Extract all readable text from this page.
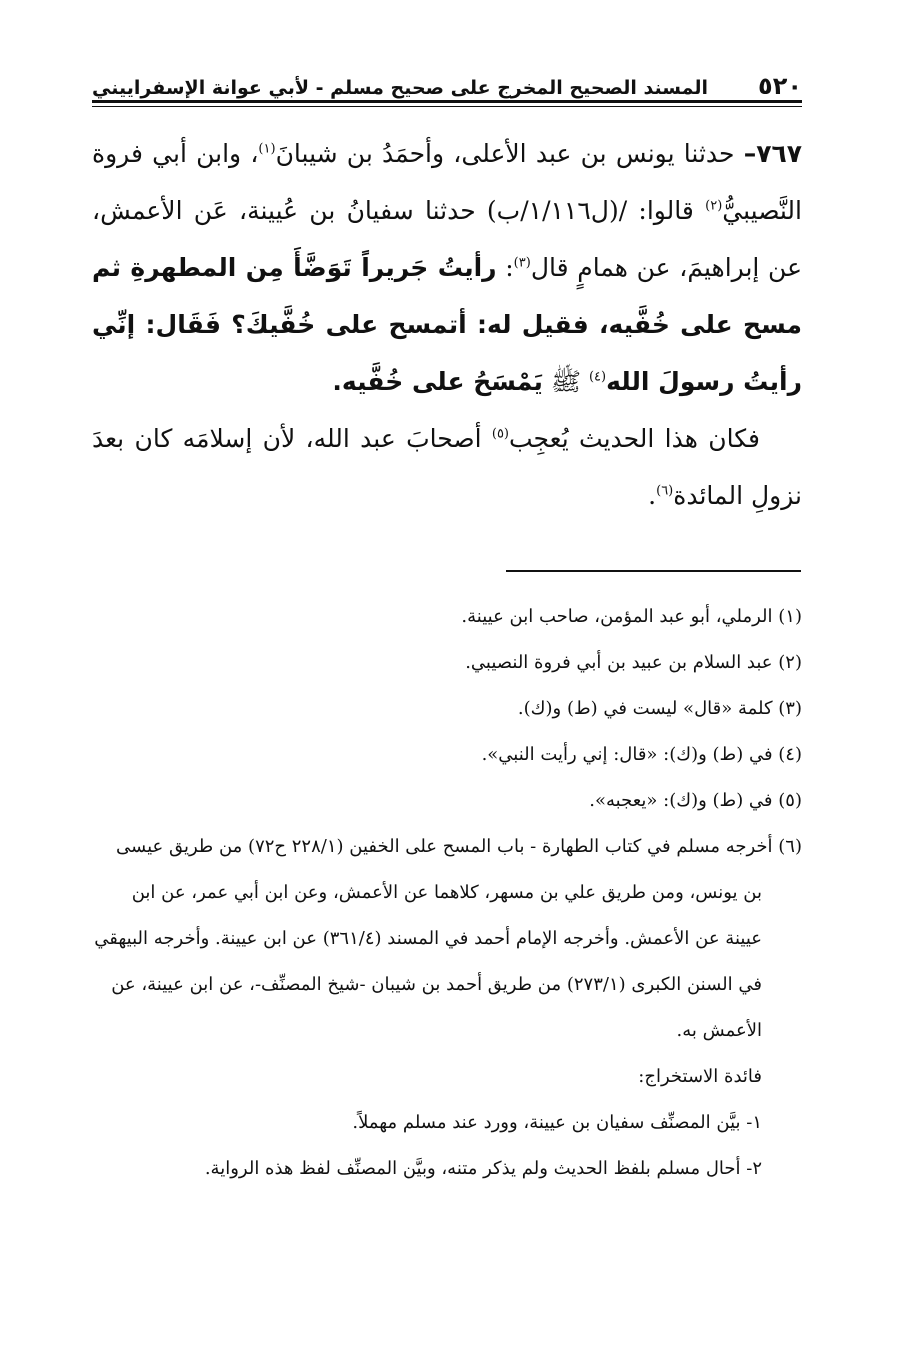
٥٢٠
المسند الصحيح المخرج على صحيح مسلم - لأبي عوانة الإسفراييني

٧٦٧– حدثنا يونس بن عبد الأعلى، وأحمَدُ بن شيبانَ$^{(١)}$، وابن أبي فروة النَّصيبيُّ$^{(٢)}$ قالوا: /(ل١/١١٦/ب) حدثنا سفيانُ بن عُيينة، عَن الأعمش، عن إبراهيمَ، عن همامٍ قال$^{(٣)}$: رأيتُ جَريراً تَوَضَّأَ مِن المطهرةِ ثم مسح على خُفَّيه، فقيل له: أتمسح على خُفَّيكَ؟ فَقَال: إنِّي رأيتُ رسولَ الله$^{(٤)}$ ﷺ يَمْسَحُ على خُفَّيه.

فكان هذا الحديث يُعجِب$^{(٥)}$ أصحابَ عبد الله، لأن إسلامَه كان بعدَ نزولِ المائدة$^{(٦)}$.

(١) الرملي، أبو عبد المؤمن، صاحب ابن عيينة.

(٢) عبد السلام بن عبيد بن أبي فروة النصيبي.

(٣) كلمة «قال» ليست في (ط) و(ك).

(٤) في (ط) و(ك): «قال: إني رأيت النبي».

(٥) في (ط) و(ك): «يعجبه».

(٦) أخرجه مسلم في كتاب الطهارة - باب المسح على الخفين (٢٢٨/١ ح٧٢) من طريق عيسى بن يونس، ومن طريق علي بن مسهر، كلاهما عن الأعمش، وعن ابن أبي عمر، عن ابن عيينة عن الأعمش. وأخرجه الإمام أحمد في المسند (٣٦١/٤) عن ابن عيينة. وأخرجه البيهقي في السنن الكبرى (٢٧٣/١) من طريق أحمد بن شيبان -شيخ المصنِّف-، عن ابن عيينة، عن الأعمش به.

فائدة الاستخراج:

١- بيَّن المصنِّف سفيان بن عيينة، وورد عند مسلم مهملاً.

٢- أحال مسلم بلفظ الحديث ولم يذكر متنه، وبيَّن المصنِّف لفظ هذه الرواية.
